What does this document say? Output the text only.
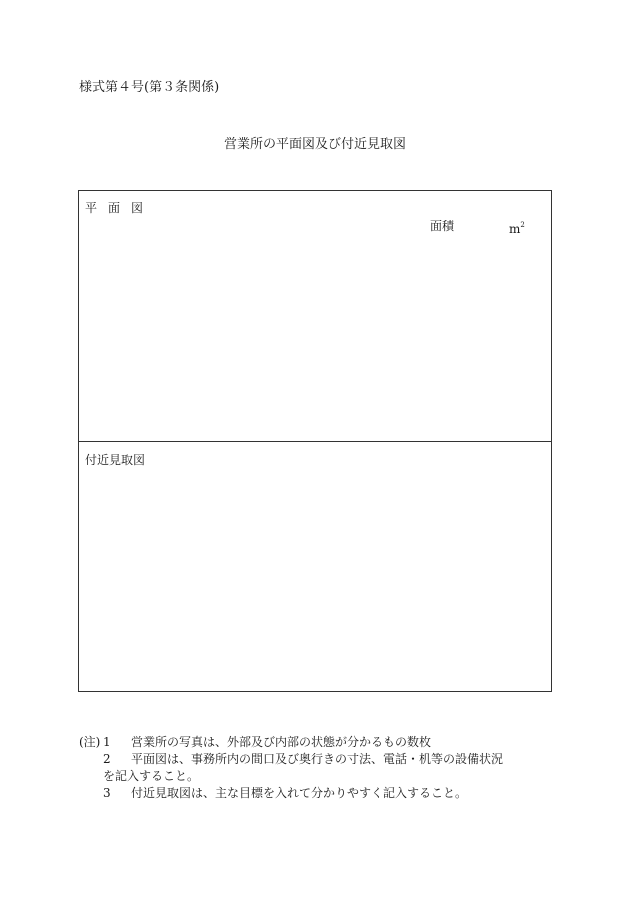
様式第４号(第３条関係)
営業所の平面図及び付近見取図
平面図
面積	$m^2$
付近見取図
(注) 1	営業所の写真は、外部及び内部の状態が分かるもの数枚
2	平面図は、事務所内の間口及び奥行きの寸法、電話・机等の設備状況
を記入すること。
3	付近見取図は、主な目標を入れて分かりやすく記入すること。
